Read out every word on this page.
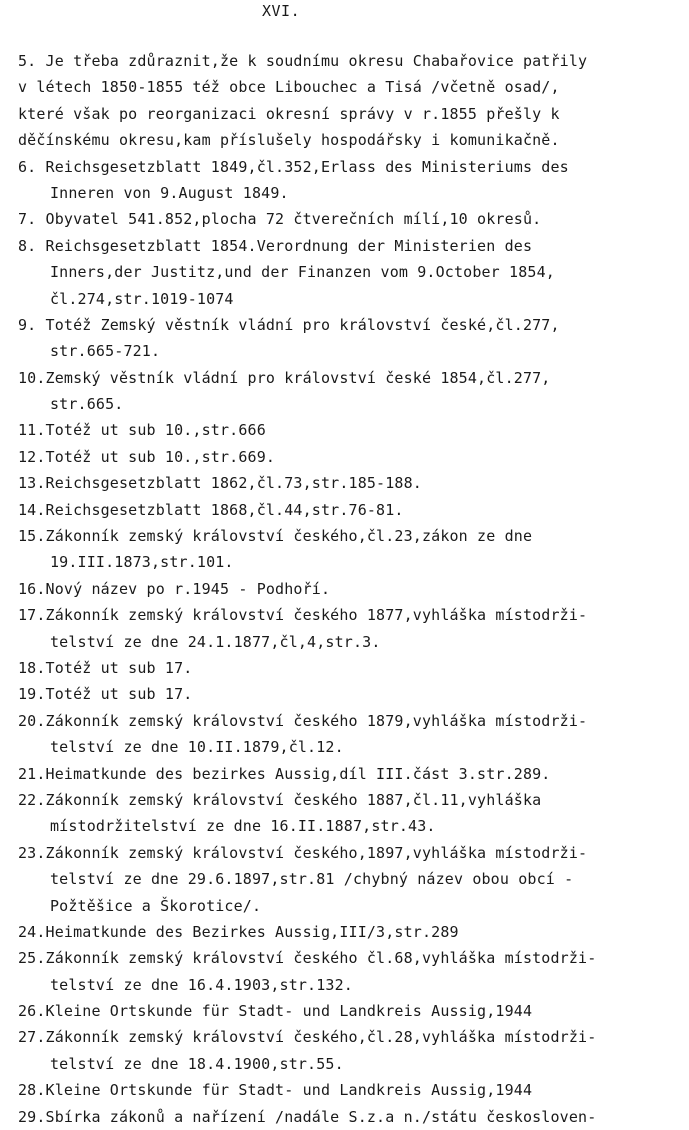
XVI.
5. Je třeba zdůraznit,že k soudnímu okresu Chabařovice patřily
v létech 1850-1855 též obce Libouchec a Tisá /včetně osad/,
které však po reorganizaci okresní správy v r.1855 přešly k
děčínskému okresu,kam příslušely hospodářsky i komunikačně.
6. Reichsgesetzblatt 1849,čl.352,Erlass des Ministeriums des
Inneren von 9.August 1849.
7. Obyvatel 541.852,plocha 72 čtverečních mílí,10 okresů.
8. Reichsgesetzblatt 1854.Verordnung der Ministerien des
Inners,der Justitz,und der Finanzen vom 9.October 1854,
čl.274,str.1019-1074
9. Totéž Zemský věstník vládní pro království české,čl.277,
str.665-721.
10.Zemský věstník vládní pro království české 1854,čl.277,
str.665.
11.Totéž ut sub 10.,str.666
12.Totéž ut sub 10.,str.669.
13.Reichsgesetzblatt 1862,čl.73,str.185-188.
14.Reichsgesetzblatt 1868,čl.44,str.76-81.
15.Zákonník zemský království českého,čl.23,zákon ze dne
19.III.1873,str.101.
16.Nový název po r.1945 - Podhoří.
17.Zákonník zemský království českého 1877,vyhláška místodrži-
telství ze dne 24.1.1877,čl,4,str.3.
18.Totéž ut sub 17.
19.Totéž ut sub 17.
20.Zákonník zemský království českého 1879,vyhláška místodrži-
telství ze dne 10.II.1879,čl.12.
21.Heimatkunde des bezirkes Aussig,díl III.část 3.str.289.
22.Zákonník zemský království českého 1887,čl.11,vyhláška
místodržitelství ze dne 16.II.1887,str.43.
23.Zákonník zemský království českého,1897,vyhláška místodrži-
telství ze dne 29.6.1897,str.81 /chybný název obou obcí -
Požtěšice a Škorotice/.
24.Heimatkunde des Bezirkes Aussig,III/3,str.289
25.Zákonník zemský království českého čl.68,vyhláška místodrži-
telství ze dne 16.4.1903,str.132.
26.Kleine Ortskunde für Stadt- und Landkreis Aussig,1944
27.Zákonník zemský království českého,čl.28,vyhláška místodrži-
telství ze dne 18.4.1900,str.55.
28.Kleine Ortskunde für Stadt- und Landkreis Aussig,1944
29.Sbírka zákonů a nařízení /nadále S.z.a n./státu českosloven-
